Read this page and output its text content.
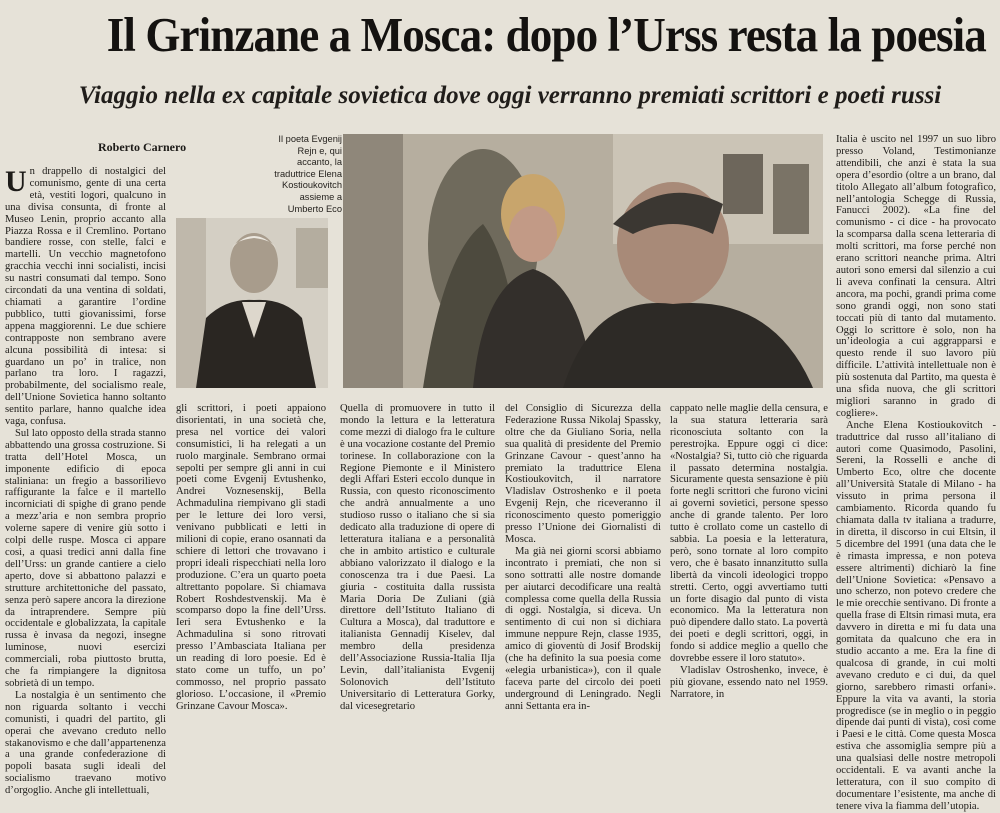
Il Grinzane a Mosca: dopo l’Urss resta la poesia
Viaggio nella ex capitale sovietica dove oggi verranno premiati scrittori e poeti russi
Roberto Carnero

Un drappello di nostalgici del comunismo, gente di una certa età, vestiti logori, qualcuno in una divisa consunta, di fronte al Museo Lenin, proprio accanto alla Piazza Rossa e il Cremlino. Portano bandiere rosse, con stelle, falci e martelli. Un vecchio magnetofono gracchia vecchi inni socialisti, incisi su nastri consumati dal tempo. Sono circondati da una ventina di soldati, chiamati a garantire l’ordine pubblico, tutti giovanissimi, forse appena maggiorenni. Le due schiere contrapposte non sembrano avere alcuna possibilità di intesa: si guardano un po’ in tralice, non parlano tra loro. I ragazzi, probabilmente, del socialismo reale, dell’Unione Sovietica hanno soltanto sentito parlare, hanno qualche idea vaga, confusa.

Sul lato opposto della strada stanno abbattendo una grossa costruzione. Si tratta dell’Hotel Mosca, un imponente edificio di epoca staliniana: un fregio a bassorilievo raffigurante la falce e il martello incorniciati di spighe di grano pende a mezz’aria e non sembra proprio volerne sapere di venire giù sotto i colpi delle ruspe. Mosca ci appare così, a quasi tredici anni dalla fine dell’Urss: un grande cantiere a cielo aperto, dove si abbattono palazzi e strutture architettoniche del passato, senza però sapere ancora la direzione da intraprendere. Sempre più occidentale e globalizzata, la capitale russa è invasa da negozi, insegne luminose, nuovi esercizi commerciali, roba piuttosto brutta, che fa rimpiangere la dignitosa sobrietà di un tempo.

La nostalgia è un sentimento che non riguarda soltanto i vecchi comunisti, i quadri del partito, gli operai che avevano creduto nello stakanovismo e che dall’appartenenza a una grande confederazione di popoli basata sugli ideali del socialismo traevano motivo d’orgoglio. Anche gli intellettuali,

Il poeta Evgenij Rejn e, qui accanto, la traduttrice Elena Kostioukovitch assieme a Umberto Eco

gli scrittori, i poeti appaiono disorientati, in una società che, presa nel vortice dei valori consumistici, li ha relegati a un ruolo marginale. Sembrano ormai sepolti per sempre gli anni in cui poeti come Evgenij Evtushenko, Andrei Voznesenskij, Bella Achmadulina riempivano gli stadi per le letture dei loro versi, venivano pubblicati e letti in milioni di copie, erano osannati da schiere di lettori che trovavano i propri ideali rispecchiati nella loro produzione. C’era un quarto poeta altrettanto popolare. Si chiamava Robert Roshdestvenskij. Ma è scomparso dopo la fine dell’Urss. Ieri sera Evtushenko e la Achmadulina si sono ritrovati presso l’Ambasciata Italiana per un reading di loro poesie. Ed è stato come un tuffo, un po’ commosso, nel proprio passato glorioso. L’occasione, il «Premio Grinzane Cavour Mosca».

Quella di promuovere in tutto il mondo la lettura e la letteratura come mezzi di dialogo fra le culture è una vocazione costante del Premio torinese. In collaborazione con la Regione Piemonte e il Ministero degli Affari Esteri eccolo dunque in Russia, con questo riconoscimento che andrà annualmente a uno studioso russo o italiano che si sia dedicato alla traduzione di opere di letteratura italiana e a personalità che in ambito artistico e culturale abbiano valorizzato il dialogo e la conoscenza tra i due Paesi. La giuria - costituita dalla russista Maria Doria De Zuliani (già direttore dell’Istituto Italiano di Cultura a Mosca), dal traduttore e italianista Gennadij Kiselev, dal membro della presidenza dell’Associazione Russia-Italia Ilja Levin, dall’italianista Evgenij Solonovich dell’Istituto Universitario di Letteratura Gorky, dal vicesegretario

del Consiglio di Sicurezza della Federazione Russa Nikolaj Spassky, oltre che da Giuliano Soria, nella sua qualità di presidente del Premio Grinzane Cavour - quest’anno ha premiato la traduttrice Elena Kostioukovitch, il narratore Vladislav Ostroshenko e il poeta Evgenij Rejn, che riceveranno il riconoscimento questo pomeriggio presso l’Unione dei Giornalisti di Mosca.

Ma già nei giorni scorsi abbiamo incontrato i premiati, che non si sono sottratti alle nostre domande per aiutarci decodificare una realtà complessa come quella della Russia di oggi. Nostalgia, si diceva. Un sentimento di cui non si dichiara immune neppure Rejn, classe 1935, amico di gioventù di Josif Brodskij (che ha definito la sua poesia come «elegia urbanistica»), con il quale faceva parte del circolo dei poeti underground di Leningrado. Negli anni Settanta era in-

cappato nelle maglie della censura, e la sua statura letteraria sarà riconosciuta soltanto con la perestrojka. Eppure oggi ci dice: «Nostalgia? Sì, tutto ciò che riguarda il passato determina nostalgia. Sicuramente questa sensazione è più forte negli scrittori che furono vicini ai governi sovietici, persone spesso anche di grande talento. Per loro tutto è crollato come un castello di sabbia. La poesia e la letteratura, però, sono tornate al loro compito vero, che è basato innanzitutto sulla libertà da vincoli ideologici troppo stretti. Certo, oggi avvertiamo tutti un forte disagio dal punto di vista economico. Ma la letteratura non può dipendere dallo stato. La povertà dei poeti e degli scrittori, oggi, in fondo si addice meglio a quello che dovrebbe essere il loro statuto».

Vladislav Ostroshenko, invece, è più giovane, essendo nato nel 1959. Narratore, in

Italia è uscito nel 1997 un suo libro presso Voland, Testimonianze attendibili, che anzi è stata la sua opera d’esordio (oltre a un brano, dal titolo Allegato all’album fotografico, nell’antologia Schegge di Russia, Fanucci 2002). «La fine del comunismo - ci dice - ha provocato la scomparsa dalla scena letteraria di molti scrittori, ma forse perché non erano scrittori neanche prima. Altri autori sono emersi dal silenzio a cui li aveva confinati la censura. Altri ancora, ma pochi, grandi prima come sono grandi oggi, non sono stati toccati più di tanto dal mutamento. Oggi lo scrittore è solo, non ha un’ideologia a cui aggrapparsi e questo rende il suo lavoro più difficile. L’attività intellettuale non è più sostenuta dal Partito, ma questa è una sfida nuova, che gli scrittori migliori saranno in grado di cogliere».

Anche Elena Kostioukovitch - traduttrice dal russo all’italiano di autori come Quasimodo, Pasolini, Sereni, la Rosselli e anche di Umberto Eco, oltre che docente all’Università Statale di Milano - ha vissuto in prima persona il cambiamento. Ricorda quando fu chiamata dalla tv italiana a tradurre, in diretta, il discorso in cui Eltsin, il 5 dicembre del 1991 (una data che le è rimasta impressa, e non poteva essere altrimenti) dichiarò la fine dell’Unione Sovietica: «Pensavo a uno scherzo, non potevo credere che le mie orecchie sentivano. Di fronte a quella frase di Eltsin rimasi muta, era davvero in diretta e mi fu data una gomitata da qualcuno che era in studio accanto a me. Era la fine di qualcosa di grande, in cui molti avevano creduto e ci dui, da quel giorno, sarebbero rimasti orfani». Eppure la vita va avanti, la storia progredisce (se in meglio o in peggio dipende dai punti di vista), così come i Paesi e le città. Come questa Mosca estiva che assomiglia sempre più a una qualsiasi delle nostre metropoli occidentali. E va avanti anche la letteratura, con il suo compito di documentare l’esistente, ma anche di tenere viva la fiamma dell’utopia.
